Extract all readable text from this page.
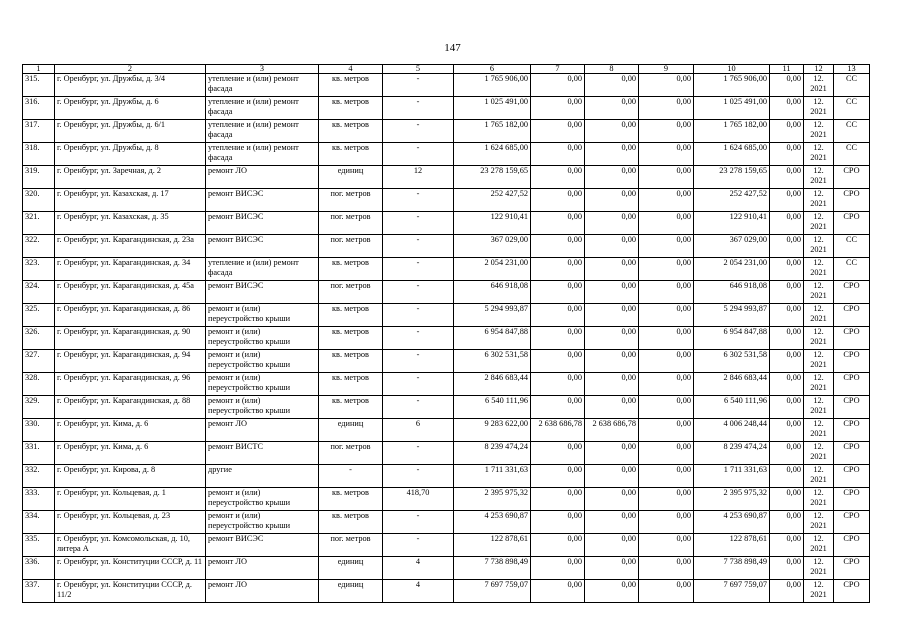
147
1	2	3	4	5	6	7	8	9	10	11	12	13
315.	г. Оренбург, ул. Дружбы, д. 3/4	утепление и (или) ремонт фасада	кв. метров	-	1 765 906,00	0,00	0,00	0,00	1 765 906,00	0,00	12. 2021	СС
316.	г. Оренбург, ул. Дружбы, д. 6	утепление и (или) ремонт фасада	кв. метров	-	1 025 491,00	0,00	0,00	0,00	1 025 491,00	0,00	12. 2021	СС
317.	г. Оренбург, ул. Дружбы, д. 6/1	утепление и (или) ремонт фасада	кв. метров	-	1 765 182,00	0,00	0,00	0,00	1 765 182,00	0,00	12. 2021	СС
318.	г. Оренбург, ул. Дружбы, д. 8	утепление и (или) ремонт фасада	кв. метров	-	1 624 685,00	0,00	0,00	0,00	1 624 685,00	0,00	12. 2021	СС
319.	г. Оренбург, ул. Заречная, д. 2	ремонт ЛО	единиц	12	23 278 159,65	0,00	0,00	0,00	23 278 159,65	0,00	12. 2021	СРО
320.	г. Оренбург, ул. Казахская, д. 17	ремонт ВИСЭС	пог. метров	-	252 427,52	0,00	0,00	0,00	252 427,52	0,00	12. 2021	СРО
321.	г. Оренбург, ул. Казахская, д. 35	ремонт ВИСЭС	пог. метров	-	122 910,41	0,00	0,00	0,00	122 910,41	0,00	12. 2021	СРО
322.	г. Оренбург, ул. Карагандинская, д. 23а	ремонт ВИСЭС	пог. метров	-	367 029,00	0,00	0,00	0,00	367 029,00	0,00	12. 2021	СС
323.	г. Оренбург, ул. Карагандинская, д. 34	утепление и (или) ремонт фасада	кв. метров	-	2 054 231,00	0,00	0,00	0,00	2 054 231,00	0,00	12. 2021	СС
324.	г. Оренбург, ул. Карагандинская, д. 45а	ремонт ВИСЭС	пог. метров	-	646 918,08	0,00	0,00	0,00	646 918,08	0,00	12. 2021	СРО
325.	г. Оренбург, ул. Карагандинская, д. 86	ремонт и (или) переустройство крыши	кв. метров	-	5 294 993,87	0,00	0,00	0,00	5 294 993,87	0,00	12. 2021	СРО
326.	г. Оренбург, ул. Карагандинская, д. 90	ремонт и (или) переустройство крыши	кв. метров	-	6 954 847,88	0,00	0,00	0,00	6 954 847,88	0,00	12. 2021	СРО
327.	г. Оренбург, ул. Карагандинская, д. 94	ремонт и (или) переустройство крыши	кв. метров	-	6 302 531,58	0,00	0,00	0,00	6 302 531,58	0,00	12. 2021	СРО
328.	г. Оренбург, ул. Карагандинская, д. 96	ремонт и (или) переустройство крыши	кв. метров	-	2 846 683,44	0,00	0,00	0,00	2 846 683,44	0,00	12. 2021	СРО
329.	г. Оренбург, ул. Карагандинская, д. 88	ремонт и (или) переустройство крыши	кв. метров	-	6 540 111,96	0,00	0,00	0,00	6 540 111,96	0,00	12. 2021	СРО
330.	г. Оренбург, ул. Кима, д. 6	ремонт ЛО	единиц	6	9 283 622,00	2 638 686,78	2 638 686,78	0,00	4 006 248,44	0,00	12. 2021	СРО
331.	г. Оренбург, ул. Кима, д. 6	ремонт ВИСТС	пог. метров	-	8 239 474,24	0,00	0,00	0,00	8 239 474,24	0,00	12. 2021	СРО
332.	г. Оренбург, ул. Кирова, д. 8	другие	-	-	1 711 331,63	0,00	0,00	0,00	1 711 331,63	0,00	12. 2021	СРО
333.	г. Оренбург, ул. Кольцевая, д. 1	ремонт и (или) переустройство крыши	кв. метров	418,70	2 395 975,32	0,00	0,00	0,00	2 395 975,32	0,00	12. 2021	СРО
334.	г. Оренбург, ул. Кольцевая, д. 23	ремонт и (или) переустройство крыши	кв. метров	-	4 253 690,87	0,00	0,00	0,00	4 253 690,87	0,00	12. 2021	СРО
335.	г. Оренбург, ул. Комсомольская, д. 10, литера А	ремонт ВИСЭС	пог. метров	-	122 878,61	0,00	0,00	0,00	122 878,61	0,00	12. 2021	СРО
336.	г. Оренбург, ул. Конституции СССР, д. 11	ремонт ЛО	единиц	4	7 738 898,49	0,00	0,00	0,00	7 738 898,49	0,00	12. 2021	СРО
337.	г. Оренбург, ул. Конституции СССР, д. 11/2	ремонт ЛО	единиц	4	7 697 759,07	0,00	0,00	0,00	7 697 759,07	0,00	12. 2021	СРО
